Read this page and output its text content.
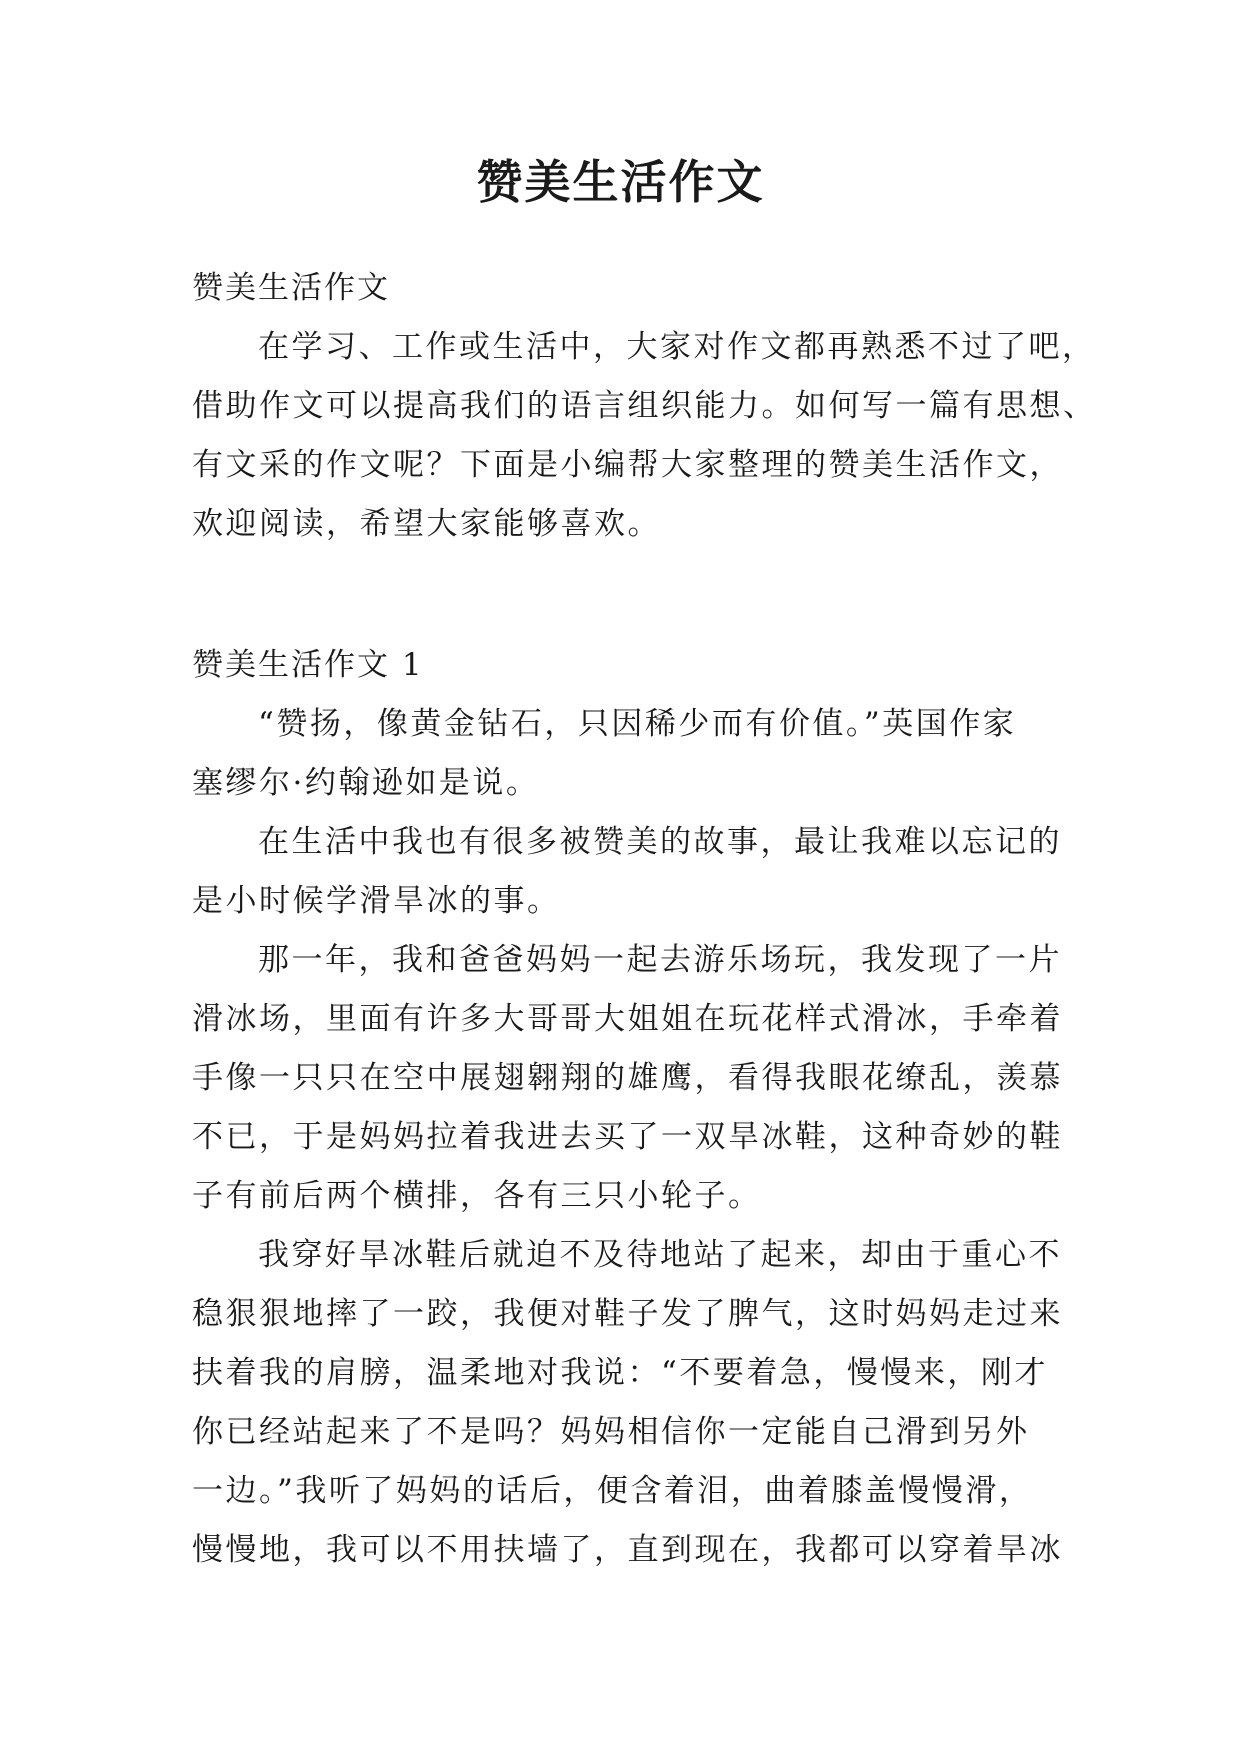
赞美生活作文
赞美生活作文
在学习、工作或生活中，大家对作文都再熟悉不过了吧，
借助作文可以提高我们的语言组织能力。如何写一篇有思想、
有文采的作文呢？下面是小编帮大家整理的赞美生活作文，
欢迎阅读，希望大家能够喜欢。
赞美生活作文 1
“赞扬，像黄金钻石，只因稀少而有价值。”英国作家
塞缪尔·约翰逊如是说。
在生活中我也有很多被赞美的故事，最让我难以忘记的
是小时候学滑旱冰的事。
那一年，我和爸爸妈妈一起去游乐场玩，我发现了一片
滑冰场，里面有许多大哥哥大姐姐在玩花样式滑冰，手牵着
手像一只只在空中展翅翱翔的雄鹰，看得我眼花缭乱，羡慕
不已，于是妈妈拉着我进去买了一双旱冰鞋，这种奇妙的鞋
子有前后两个横排，各有三只小轮子。
我穿好旱冰鞋后就迫不及待地站了起来，却由于重心不
稳狠狠地摔了一跤，我便对鞋子发了脾气，这时妈妈走过来
扶着我的肩膀，温柔地对我说：“不要着急，慢慢来，刚才
你已经站起来了不是吗？妈妈相信你一定能自己滑到另外
一边。”我听了妈妈的话后，便含着泪，曲着膝盖慢慢滑，
慢慢地，我可以不用扶墙了，直到现在，我都可以穿着旱冰
